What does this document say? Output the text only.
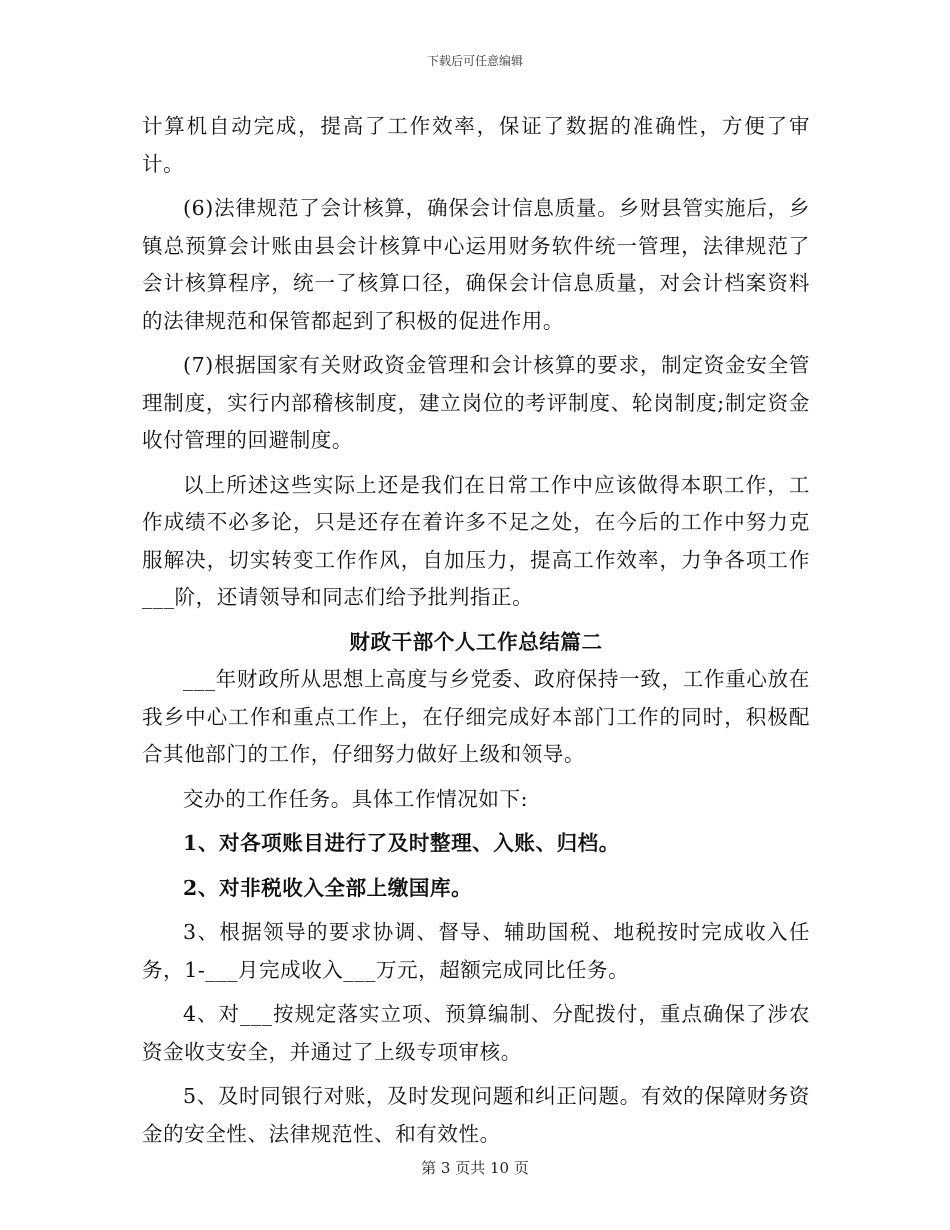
下载后可任意编辑

计算机自动完成，提高了工作效率，保证了数据的准确性，方便了审计。

(6)法律规范了会计核算，确保会计信息质量。乡财县管实施后，乡镇总预算会计账由县会计核算中心运用财务软件统一管理，法律规范了会计核算程序，统一了核算口径，确保会计信息质量，对会计档案资料的法律规范和保管都起到了积极的促进作用。

(7)根据国家有关财政资金管理和会计核算的要求，制定资金安全管理制度，实行内部稽核制度，建立岗位的考评制度、轮岗制度;制定资金收付管理的回避制度。

以上所述这些实际上还是我们在日常工作中应该做得本职工作，工作成绩不必多论，只是还存在着许多不足之处，在今后的工作中努力克服解决，切实转变工作作风，自加压力，提高工作效率，力争各项工作___阶，还请领导和同志们给予批判指正。

财政干部个人工作总结篇二

___年财政所从思想上高度与乡党委、政府保持一致，工作重心放在我乡中心工作和重点工作上，在仔细完成好本部门工作的同时，积极配合其他部门的工作，仔细努力做好上级和领导。

交办的工作任务。具体工作情况如下:

1、对各项账目进行了及时整理、入账、归档。

2、对非税收入全部上缴国库。

3、根据领导的要求协调、督导、辅助国税、地税按时完成收入任务，1-___月完成收入___万元，超额完成同比任务。

4、对___按规定落实立项、预算编制、分配拨付，重点确保了涉农资金收支安全，并通过了上级专项审核。

5、及时同银行对账，及时发现问题和纠正问题。有效的保障财务资金的安全性、法律规范性、和有效性。

第 3 页共 10 页
